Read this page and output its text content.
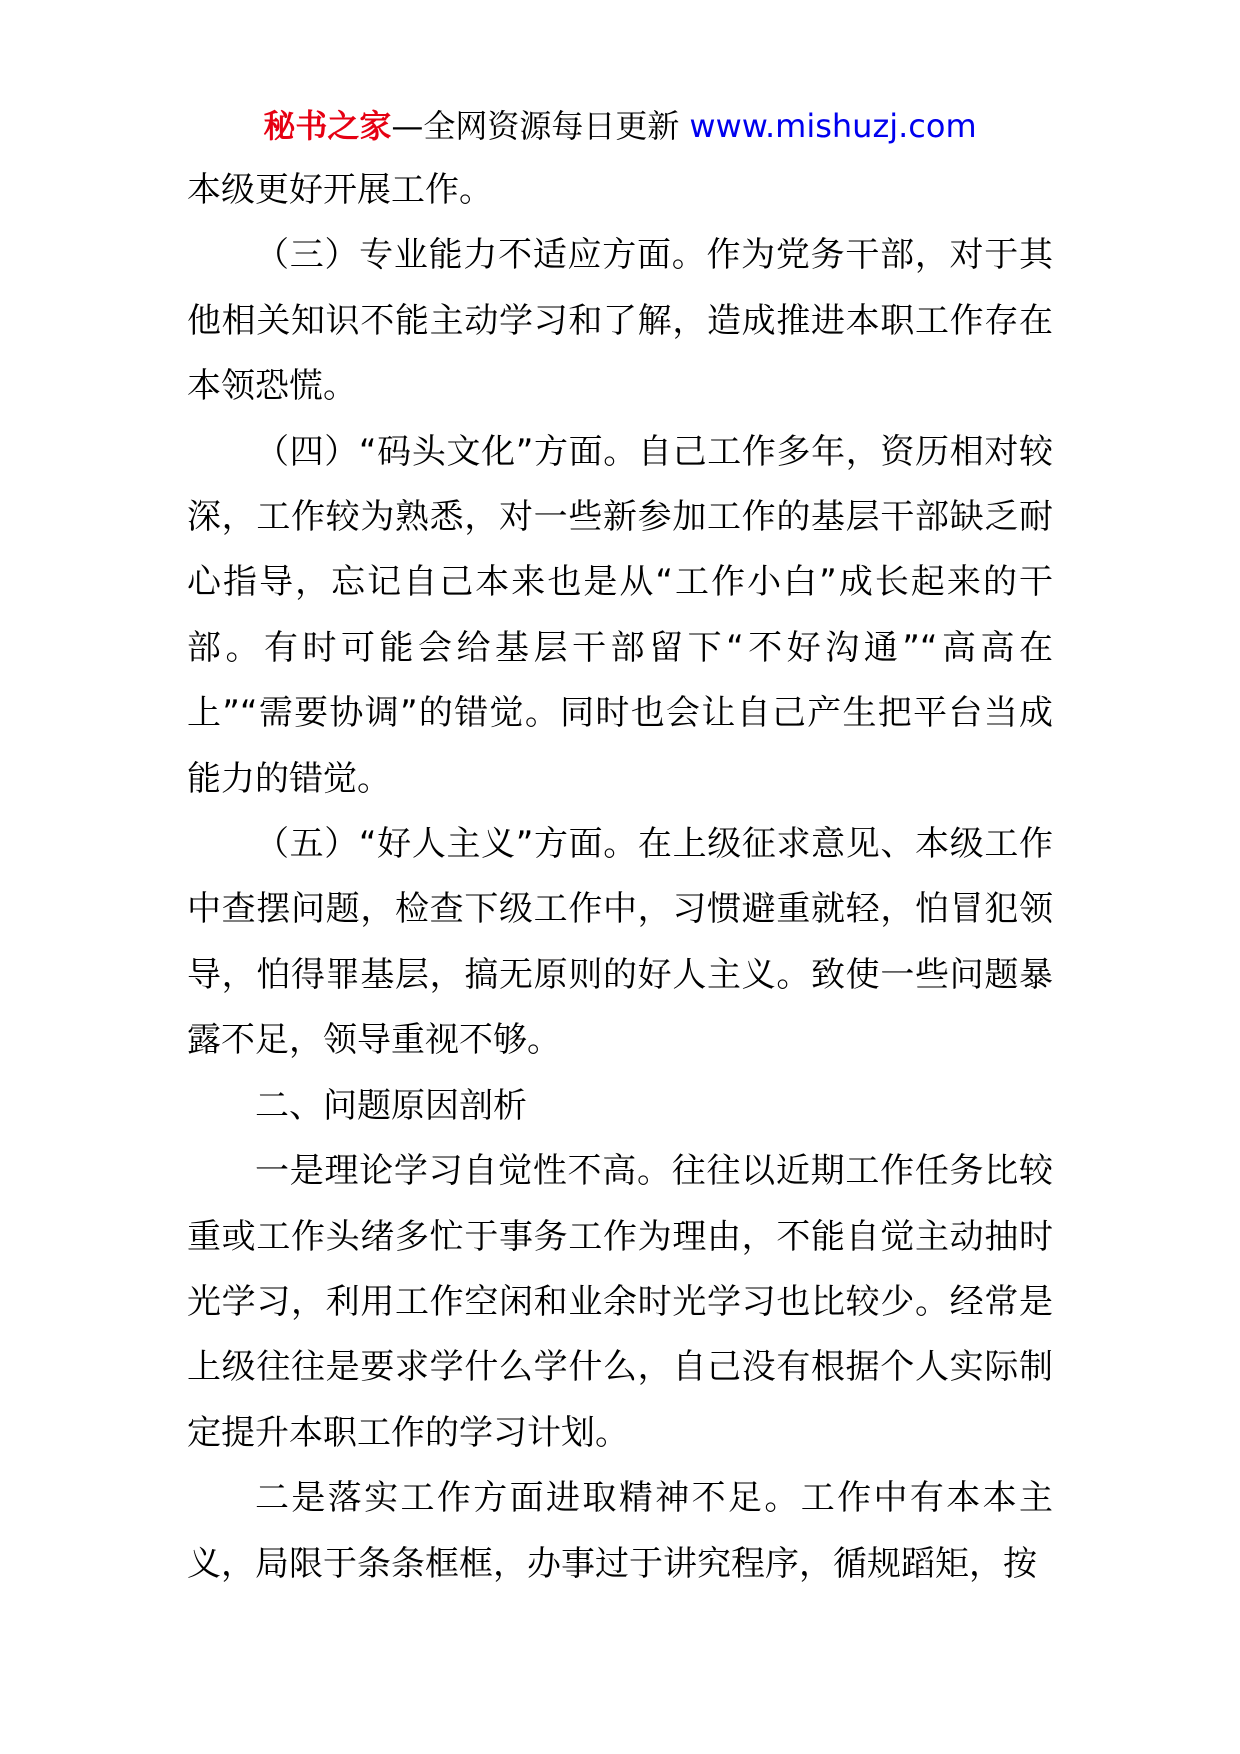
秘书之家—全网资源每日更新 www.mishuzj.com

本级更好开展工作。

（三）专业能力不适应方面。作为党务干部，对于其他相关知识不能主动学习和了解，造成推进本职工作存在本领恐慌。

（四）“码头文化”方面。自己工作多年，资历相对较深，工作较为熟悉，对一些新参加工作的基层干部缺乏耐心指导，忘记自己本来也是从“工作小白”成长起来的干部。有时可能会给基层干部留下“不好沟通”“高高在上”“需要协调”的错觉。同时也会让自己产生把平台当成能力的错觉。

（五）“好人主义”方面。在上级征求意见、本级工作中查摆问题，检查下级工作中，习惯避重就轻，怕冒犯领导，怕得罪基层，搞无原则的好人主义。致使一些问题暴露不足，领导重视不够。

二、问题原因剖析

一是理论学习自觉性不高。往往以近期工作任务比较重或工作头绪多忙于事务工作为理由，不能自觉主动抽时光学习，利用工作空闲和业余时光学习也比较少。经常是上级往往是要求学什么学什么，自己没有根据个人实际制定提升本职工作的学习计划。

二是落实工作方面进取精神不足。工作中有本本主义，局限于条条框框，办事过于讲究程序，循规蹈矩，按
